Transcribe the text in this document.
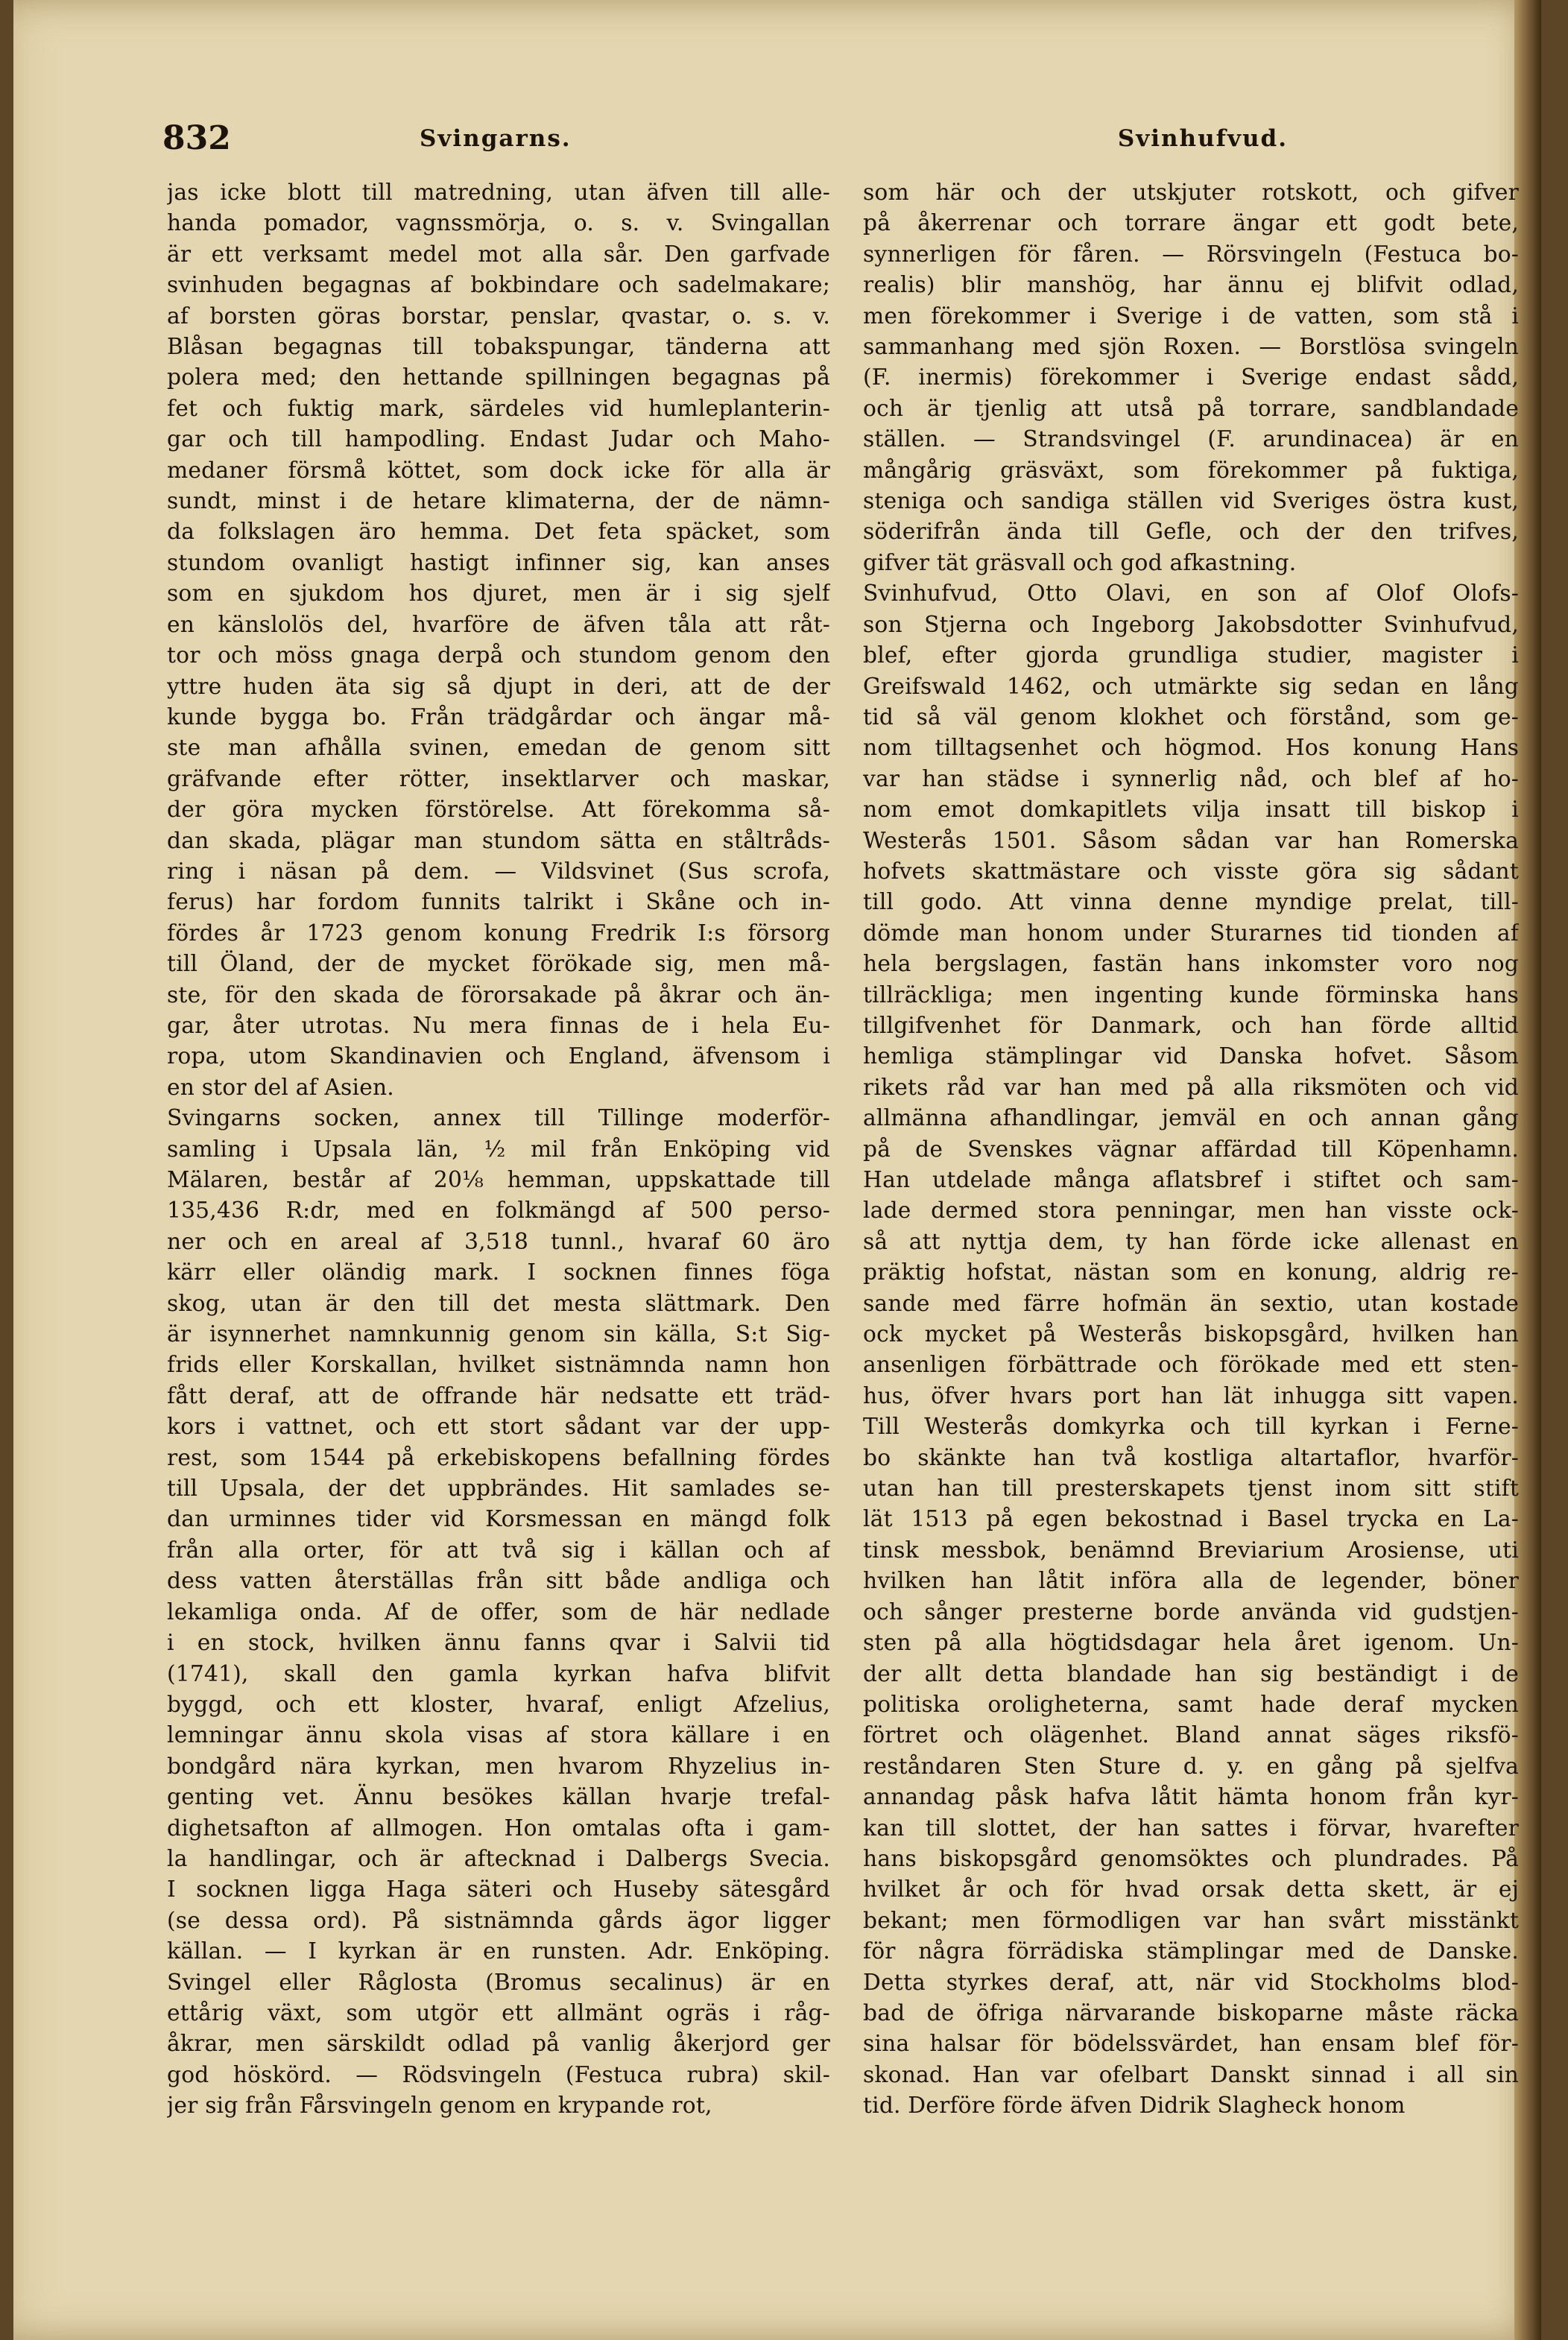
832	Svingarns.	Svinhufvud.

jas icke blott till matredning, utan äfven till alle-

handa pomador, vagnssmörja, o. s. v. Svingallan

är ett verksamt medel mot alla sår. Den garfvade

svinhuden begagnas af bokbindare och sadelmakare;

af borsten göras borstar, penslar, qvastar, o. s. v.

Blåsan begagnas till tobakspungar, tänderna att

polera med; den hettande spillningen begagnas på

fet och fuktig mark, särdeles vid humleplanterin-

gar och till hampodling. Endast Judar och Maho-

medaner försmå köttet, som dock icke för alla är

sundt, minst i de hetare klimaterna, der de nämn-

da folkslagen äro hemma. Det feta späcket, som

stundom ovanligt hastigt infinner sig, kan anses

som en sjukdom hos djuret, men är i sig sjelf

en känslolös del, hvarföre de äfven tåla att råt-

tor och möss gnaga derpå och stundom genom den

yttre huden äta sig så djupt in deri, att de der

kunde bygga bo. Från trädgårdar och ängar må-

ste man afhålla svinen, emedan de genom sitt

gräfvande efter rötter, insektlarver och maskar,

der göra mycken förstörelse. Att förekomma så-

dan skada, plägar man stundom sätta en ståltråds-

ring i näsan på dem. — Vildsvinet (Sus scrofa,

ferus) har fordom funnits talrikt i Skåne och in-

fördes år 1723 genom konung Fredrik I:s försorg

till Öland, der de mycket förökade sig, men må-

ste, för den skada de förorsakade på åkrar och än-

gar, åter utrotas. Nu mera finnas de i hela Eu-

ropa, utom Skandinavien och England, äfvensom i

en stor del af Asien.

Svingarns socken, annex till Tillinge moderför-

samling i Upsala län, ½ mil från Enköping vid

Mälaren, består af 20⅛ hemman, uppskattade till

135,436 R:dr, med en folkmängd af 500 perso-

ner och en areal af 3,518 tunnl., hvaraf 60 äro

kärr eller oländig mark. I socknen finnes föga

skog, utan är den till det mesta slättmark. Den

är isynnerhet namnkunnig genom sin källa, S:t Sig-

frids eller Korskallan, hvilket sistnämnda namn hon

fått deraf, att de offrande här nedsatte ett träd-

kors i vattnet, och ett stort sådant var der upp-

rest, som 1544 på erkebiskopens befallning fördes

till Upsala, der det uppbrändes. Hit samlades se-

dan urminnes tider vid Korsmessan en mängd folk

från alla orter, för att två sig i källan och af

dess vatten återställas från sitt både andliga och

lekamliga onda. Af de offer, som de här nedlade

i en stock, hvilken ännu fanns qvar i Salvii tid

(1741), skall den gamla kyrkan hafva blifvit

byggd, och ett kloster, hvaraf, enligt Afzelius,

lemningar ännu skola visas af stora källare i en

bondgård nära kyrkan, men hvarom Rhyzelius in-

genting vet. Ännu besökes källan hvarje trefal-

dighetsafton af allmogen. Hon omtalas ofta i gam-

la handlingar, och är aftecknad i Dalbergs Svecia.

I socknen ligga Haga säteri och Huseby sätesgård

(se dessa ord). På sistnämnda gårds ägor ligger

källan. — I kyrkan är en runsten. Adr. Enköping.

Svingel eller Råglosta (Bromus secalinus) är en

ettårig växt, som utgör ett allmänt ogräs i råg-

åkrar, men särskildt odlad på vanlig åkerjord ger

god höskörd. — Rödsvingeln (Festuca rubra) skil-

jer sig från Fårsvingeln genom en krypande rot,

som här och der utskjuter rotskott, och gifver

på åkerrenar och torrare ängar ett godt bete,

synnerligen för fåren. — Rörsvingeln (Festuca bo-

realis) blir manshög, har ännu ej blifvit odlad,

men förekommer i Sverige i de vatten, som stå i

sammanhang med sjön Roxen. — Borstlösa svingeln

(F. inermis) förekommer i Sverige endast sådd,

och är tjenlig att utså på torrare, sandblandade

ställen. — Strandsvingel (F. arundinacea) är en

mångårig gräsväxt, som förekommer på fuktiga,

steniga och sandiga ställen vid Sveriges östra kust,

söderifrån ända till Gefle, och der den trifves,

gifver tät gräsvall och god afkastning.

Svinhufvud, Otto Olavi, en son af Olof Olofs-

son Stjerna och Ingeborg Jakobsdotter Svinhufvud,

blef, efter gjorda grundliga studier, magister i

Greifswald 1462, och utmärkte sig sedan en lång

tid så väl genom klokhet och förstånd, som ge-

nom tilltagsenhet och högmod. Hos konung Hans

var han städse i synnerlig nåd, och blef af ho-

nom emot domkapitlets vilja insatt till biskop i

Westerås 1501. Såsom sådan var han Romerska

hofvets skattmästare och visste göra sig sådant

till godo. Att vinna denne myndige prelat, till-

dömde man honom under Sturarnes tid tionden af

hela bergslagen, fastän hans inkomster voro nog

tillräckliga; men ingenting kunde förminska hans

tillgifvenhet för Danmark, och han förde alltid

hemliga stämplingar vid Danska hofvet. Såsom

rikets råd var han med på alla riksmöten och vid

allmänna afhandlingar, jemväl en och annan gång

på de Svenskes vägnar affärdad till Köpenhamn.

Han utdelade många aflatsbref i stiftet och sam-

lade dermed stora penningar, men han visste ock-

så att nyttja dem, ty han förde icke allenast en

präktig hofstat, nästan som en konung, aldrig re-

sande med färre hofmän än sextio, utan kostade

ock mycket på Westerås biskopsgård, hvilken han

ansenligen förbättrade och förökade med ett sten-

hus, öfver hvars port han lät inhugga sitt vapen.

Till Westerås domkyrka och till kyrkan i Ferne-

bo skänkte han två kostliga altartaflor, hvarför-

utan han till presterskapets tjenst inom sitt stift

lät 1513 på egen bekostnad i Basel trycka en La-

tinsk messbok, benämnd Breviarium Arosiense, uti

hvilken han låtit införa alla de legender, böner

och sånger presterne borde använda vid gudstjen-

sten på alla högtidsdagar hela året igenom. Un-

der allt detta blandade han sig beständigt i de

politiska oroligheterna, samt hade deraf mycken

förtret och olägenhet. Bland annat säges riksfö-

reståndaren Sten Sture d. y. en gång på sjelfva

annandag påsk hafva låtit hämta honom från kyr-

kan till slottet, der han sattes i förvar, hvarefter

hans biskopsgård genomsöktes och plundrades. På

hvilket år och för hvad orsak detta skett, är ej

bekant; men förmodligen var han svårt misstänkt

för några förrädiska stämplingar med de Danske.

Detta styrkes deraf, att, när vid Stockholms blod-

bad de öfriga närvarande biskoparne måste räcka

sina halsar för bödelssvärdet, han ensam blef för-

skonad. Han var ofelbart Danskt sinnad i all sin

tid. Derföre förde äfven Didrik Slagheck honom
